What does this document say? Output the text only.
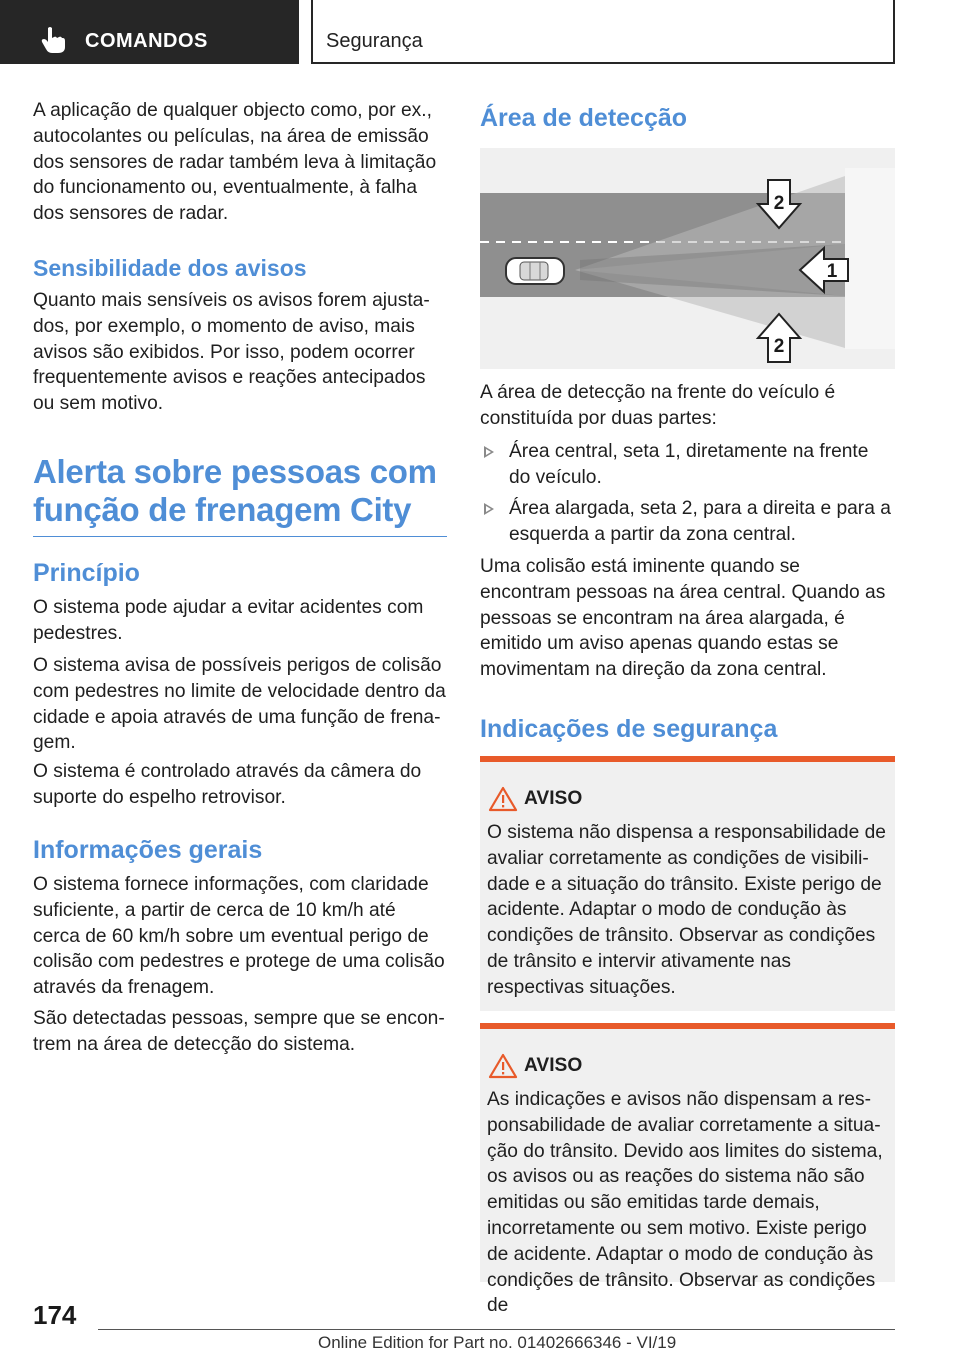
COMANDOS	Segurança

A aplicação de qualquer objecto como, por ex., autocolantes ou películas, na área de emissão dos sensores de radar também leva à limitação do funcionamento ou, eventualmente, à falha dos sensores de radar.

Sensibilidade dos avisos

Quanto mais sensíveis os avisos forem ajustados, por exemplo, o momento de aviso, mais avisos são exibidos. Por isso, podem ocorrer frequentemente avisos e reações antecipados ou sem motivo.

Alerta sobre pessoas com
função de frenagem City
Princípio

O sistema pode ajudar a evitar acidentes com pedestres.

O sistema avisa de possíveis perigos de colisão com pedestres no limite de velocidade dentro da cidade e apoia através de uma função de frenagem.

O sistema é controlado através da câmera do suporte do espelho retrovisor.

Informações gerais

O sistema fornece informações, com claridade suficiente, a partir de cerca de 10 km/h até cerca de 60 km/h sobre um eventual perigo de colisão com pedestres e protege de uma colisão através da frenagem.

São detectadas pessoas, sempre que se encontrem na área de detecção do sistema.

Área de detecção
2
1
2

A área de detecção na frente do veículo é constituída por duas partes:

Área central, seta 1, diretamente na frente do veículo.
Área alargada, seta 2, para a direita e para a esquerda a partir da zona central.

Uma colisão está iminente quando se encontram pessoas na área central. Quando as pessoas se encontram na área alargada, é emitido um aviso apenas quando estas se movimentam na direção da zona central.

Indicações de segurança
AVISO

O sistema não dispensa a responsabilidade de avaliar corretamente as condições de visibilidade e a situação do trânsito. Existe perigo de acidente. Adaptar o modo de condução às condições de trânsito. Observar as condições de trânsito e intervir ativamente nas respectivas situações.

AVISO

As indicações e avisos não dispensam a responsabilidade de avaliar corretamente a situação do trânsito. Devido aos limites do sistema, os avisos ou as reações do sistema não são emitidas ou são emitidas tarde demais, incorretamente ou sem motivo. Existe perigo de acidente. Adaptar o modo de condução às condições de trânsito. Observar as condições de

174
Online Edition for Part no. 01402666346 - VI/19
